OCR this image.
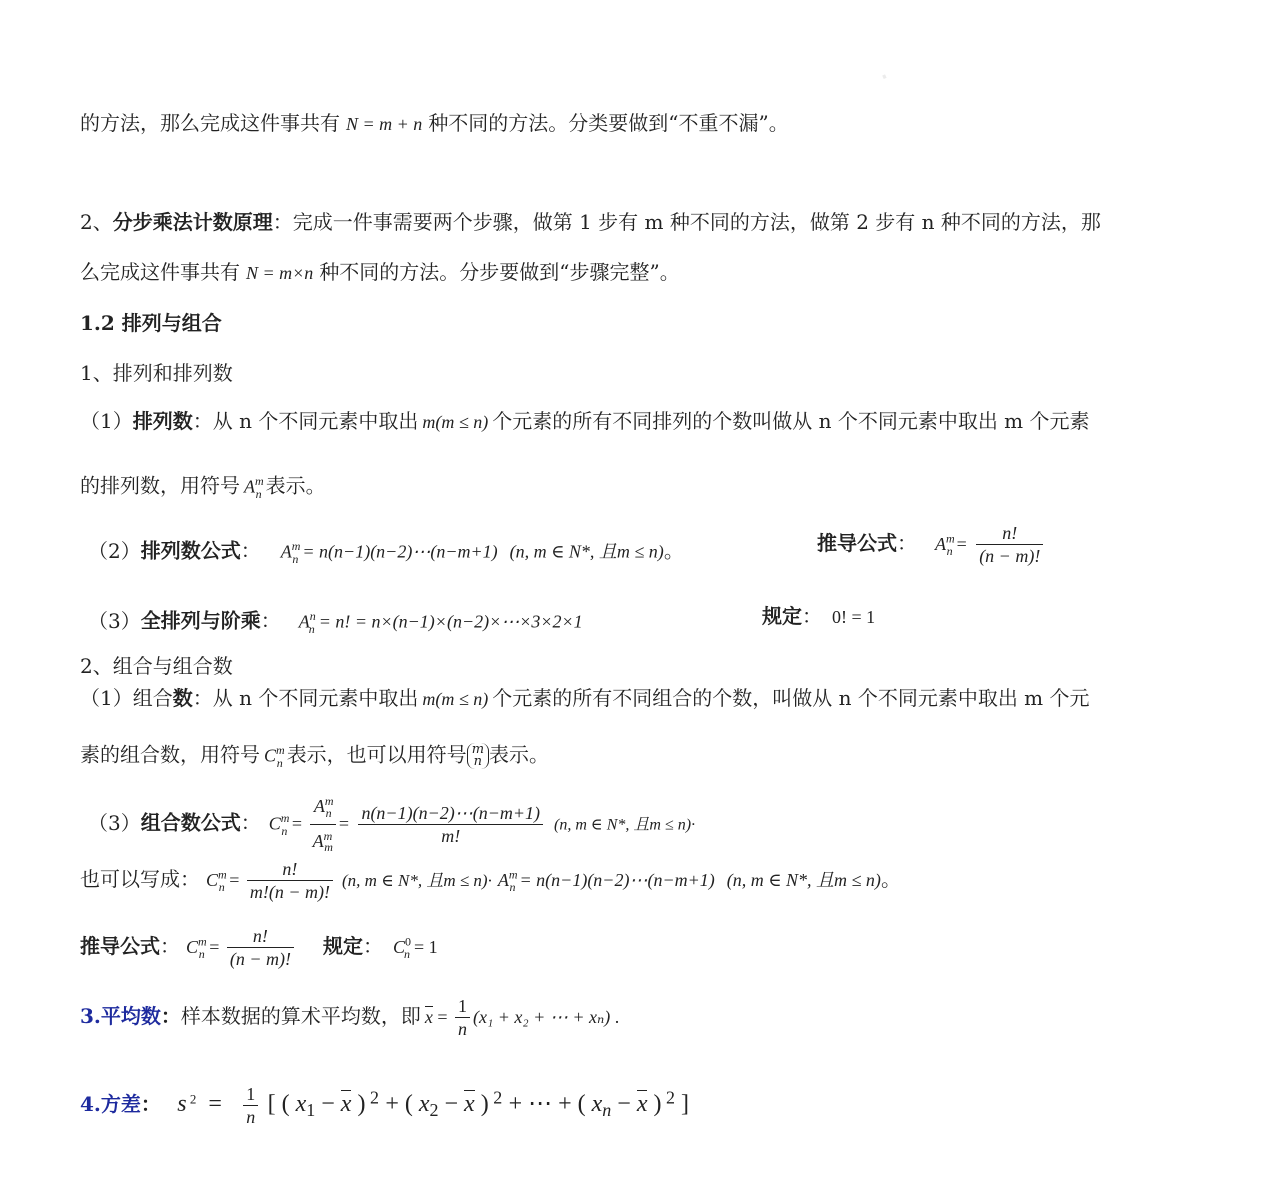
·
的方法，那么完成这件事共有 N = m + n 种不同的方法。分类要做到“不重不漏”。
2、分步乘法计数原理：完成一件事需要两个步骤，做第 1 步有 m 种不同的方法，做第 2 步有 n 种不同的方法，那
么完成这件事共有 N = m×n 种不同的方法。分步要做到“步骤完整”。
1.2 排列与组合
1、排列和排列数
（1）排列数：从 n 个不同元素中取出 m(m ≤ n) 个元素的所有不同排列的个数叫做从 n 个不同元素中取出 m 个元素
的排列数，用符号 $A^m_n$ 表示。
（2）排列数公式： $A^m_n$ = n(n−1)(n−2)⋯(n−m+1) (n, m ∈ N*, 且m ≤ n)。	推导公式： $A^m_n = \frac{n!}{(n - m)!}$
（3）全排列与阶乘： $A^n_n = n$! = n×(n−1)×(n−2)×⋯×3×2×1	规定： 0! = 1
2、组合与组合数
（1）组合数：从 n 个不同元素中取出 m(m ≤ n) 个元素的所有不同组合的个数，叫做从 n 个不同元素中取出 m 个元
素的组合数，用符号 $C^m_n$ 表示，也可以用符号 m
n 表示。
（3）组合数公式： $C^m_n = \frac{A^m_n}{A^m_m} = \frac{n(n-1)(n-2)\cdots(n-m+1)}{m!} (n$, m ∈ N*, 且m ≤ n)·
也可以写成： $C^m_n = \frac{n!}{m!(n - m)!} (n$, m ∈ N*, 且$m \le n)\cdot A^m_n$ = n(n−1)(n−2)⋯(n−m+1) (n, m ∈ N*, 且m ≤ n)。
推导公式： $C^m_n = \frac{n!}{(n - m)!}$ 规定： $C^0_n = 1$
3.平均数：样本数据的算术平均数，即 $x = \frac{1}{n} (x_1 + x_2$ + ⋯ + xₙ) .
4.方差： s $^2 = \frac{1}{n}$ [ ( $x_1 - x$ ) $^2$ + ( $x_2 - x$ ) $^2$ + ⋯ + ( $x_n - x$ ) $^2$ ]
